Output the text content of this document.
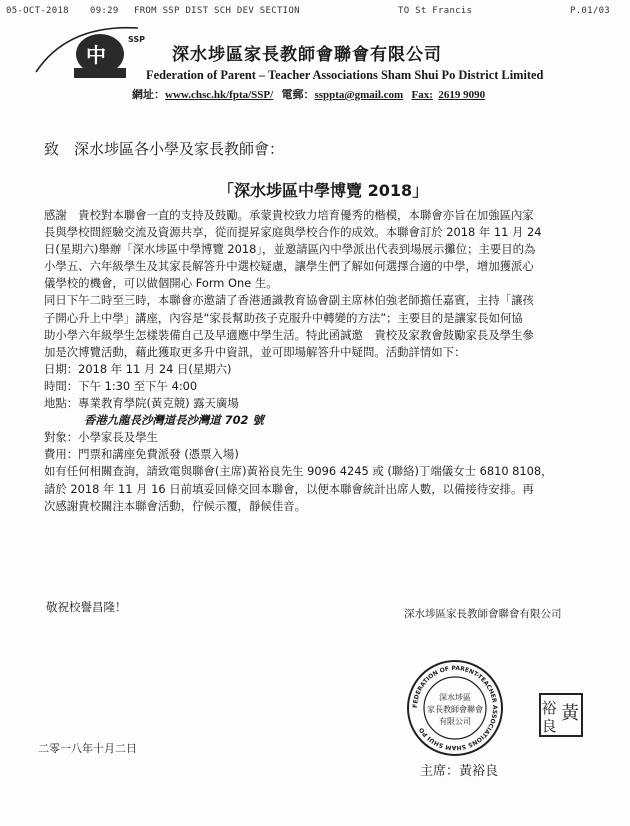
05-OCT-2018 09:29 FROM SSP DIST SCH DEV SECTION	TO St Francis	P.01/03
中
SSP
深水埗區家長教師會聯會有限公司
Federation of Parent – Teacher Associations Sham Shui Po District Limited
網址：www.chsc.hk/fpta/SSP/ 電郵：ssppta@gmail.com Fax: 2619 9090
致　深水埗區各小學及家長教師會：
「深水埗區中學博覽 2018」

感謝　貴校對本聯會一直的支持及鼓勵。承蒙貴校致力培育優秀的楷模，本聯會亦旨在加強區內家

長與學校間經驗交流及資源共享，從而提昇家庭與學校合作的成效。本聯會訂於 2018 年 11 月 24

日(星期六)舉辦「深水埗區中學博覽 2018」，並邀請區內中學派出代表到場展示攤位；主要目的為

小學五、六年級學生及其家長解答升中選校疑慮，讓學生們了解如何選擇合適的中學，增加獲派心

儀學校的機會，可以做個開心 Form One 生。

同日下午二時至三時，本聯會亦邀請了香港通識教育協會副主席林伯強老師擔任嘉賓，主持「讓孩

子開心升上中學」講座，內容是“家長幫助孩子克服升中轉變的方法”；主要目的是讓家長如何協

助小學六年級學生怎樣裝備自己及早適應中學生活。特此函誠邀　貴校及家教會鼓勵家長及學生參

加是次博覽活動，藉此獲取更多升中資訊，並可即場解答升中疑問。活動詳情如下：

日期：2018 年 11 月 24 日(星期六)

時間：下午 1:30 至下午 4:00

地點：專業教育學院(黃克競) 露天廣場

香港九龍長沙灣道長沙灣道 702 號

對象：小學家長及學生

費用：門票和講座免費派發 (憑票入場)

如有任何相關查詢，請致電與聯會(主席)黃裕良先生 9096 4245 或 (聯絡)丁端儀女士 6810 8108，

請於 2018 年 11 月 16 日前填妥回條交回本聯會，以便本聯會統計出席人數，以備接待安排。再

次感謝貴校關注本聯會活動，佇候示覆，靜候佳音。

敬祝校譽昌隆！	深水埗區家長教師會聯會有限公司
FEDERATION OF PARENT-TEACHER ASSOCIATIONS SHAM SHUI PO
深水埗區
家長教師會聯會
有限公司
裕 黃
良
二零一八年十月二日
主席：黃裕良
